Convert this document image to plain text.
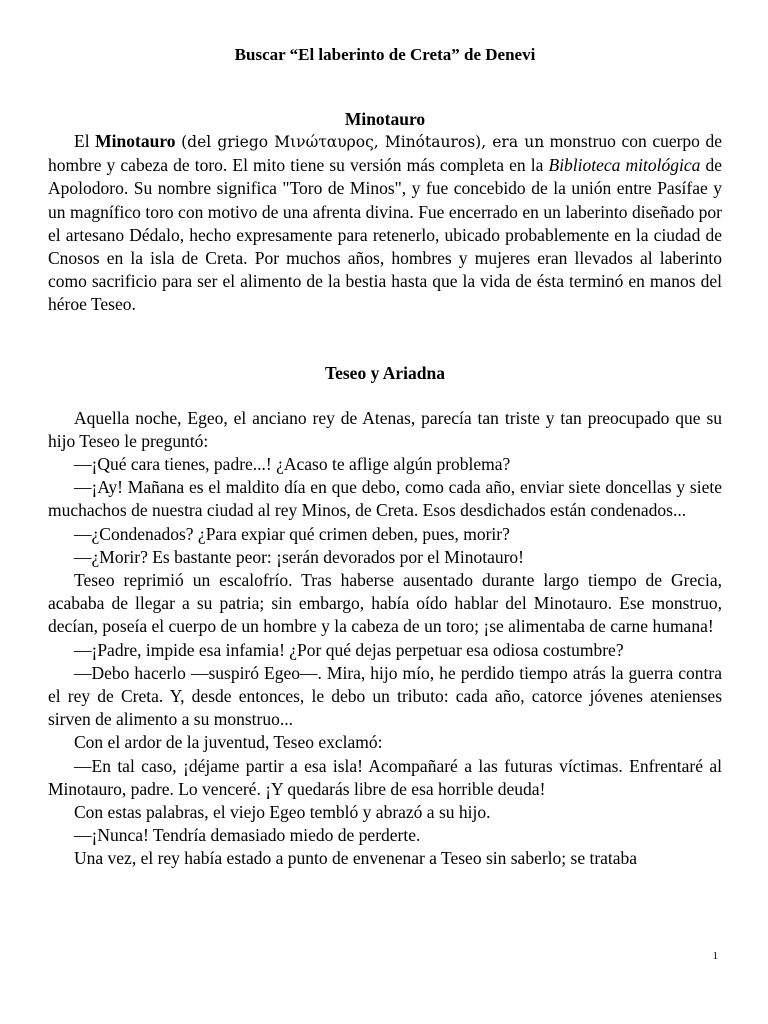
Buscar “El laberinto de Creta” de Denevi
Minotauro

El Minotauro (del griego Μινώταυρος, Minótauros), era un monstruo con cuerpo de hombre y cabeza de toro. El mito tiene su versión más completa en la Biblioteca mitológica de Apolodoro. Su nombre significa "Toro de Minos", y fue concebido de la unión entre Pasífae y un magnífico toro con motivo de una afrenta divina. Fue encerrado en un laberinto diseñado por el artesano Dédalo, hecho expresamente para retenerlo, ubicado probablemente en la ciudad de Cnosos en la isla de Creta. Por muchos años, hombres y mujeres eran llevados al laberinto como sacrificio para ser el alimento de la bestia hasta que la vida de ésta terminó en manos del héroe Teseo.

Teseo y Ariadna

Aquella noche, Egeo, el anciano rey de Atenas, parecía tan triste y tan preocupado que su hijo Teseo le preguntó:

—¡Qué cara tienes, padre...! ¿Acaso te aflige algún problema?

—¡Ay! Mañana es el maldito día en que debo, como cada año, enviar siete doncellas y siete muchachos de nuestra ciudad al rey Minos, de Creta. Esos desdichados están condenados...

—¿Condenados? ¿Para expiar qué crimen deben, pues, morir?

—¿Morir? Es bastante peor: ¡serán devorados por el Minotauro!

Teseo reprimió un escalofrío. Tras haberse ausentado durante largo tiempo de Grecia, acababa de llegar a su patria; sin embargo, había oído hablar del Minotauro. Ese monstruo, decían, poseía el cuerpo de un hombre y la cabeza de un toro; ¡se alimentaba de carne humana!

—¡Padre, impide esa infamia! ¿Por qué dejas perpetuar esa odiosa costumbre?

—Debo hacerlo —suspiró Egeo—. Mira, hijo mío, he perdido tiempo atrás la guerra contra el rey de Creta. Y, desde entonces, le debo un tributo: cada año, catorce jóvenes atenienses sirven de alimento a su monstruo...

Con el ardor de la juventud, Teseo exclamó:

—En tal caso, ¡déjame partir a esa isla! Acompañaré a las futuras víctimas. Enfrentaré al Minotauro, padre. Lo venceré. ¡Y quedarás libre de esa horrible deuda!

Con estas palabras, el viejo Egeo tembló y abrazó a su hijo.

—¡Nunca! Tendría demasiado miedo de perderte.

Una vez, el rey había estado a punto de envenenar a Teseo sin saberlo; se trataba

1
